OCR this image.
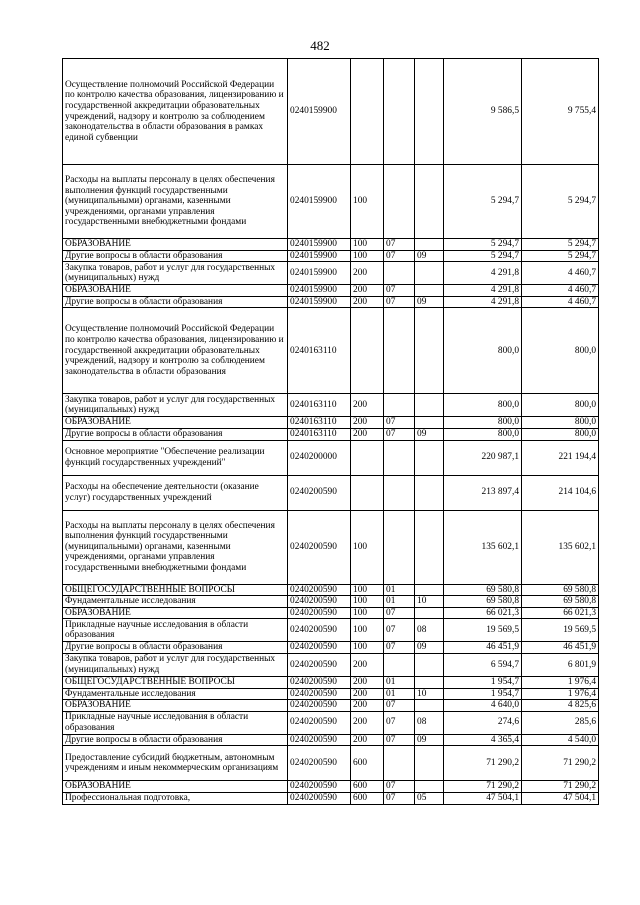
482
Осуществление полномочий Российской Федерации по контролю качества образования, лицензированию и государственной аккредитации образовательных учреждений, надзору и контролю за соблюдением законодательства в области образования в рамках единой субвенции	0240159900				9 586,5	9 755,4
Расходы на выплаты персоналу в целях обеспечения выполнения функций государственными (муниципальными) органами, казенными учреждениями, органами управления государственными внебюджетными фондами	0240159900	100			5 294,7	5 294,7
ОБРАЗОВАНИЕ	0240159900	100	07		5 294,7	5 294,7
Другие вопросы в области образования	0240159900	100	07	09	5 294,7	5 294,7
Закупка товаров, работ и услуг для государственных (муниципальных) нужд	0240159900	200			4 291,8	4 460,7
ОБРАЗОВАНИЕ	0240159900	200	07		4 291,8	4 460,7
Другие вопросы в области образования	0240159900	200	07	09	4 291,8	4 460,7
Осуществление полномочий Российской Федерации по контролю качества образования, лицензированию и государственной аккредитации образовательных учреждений, надзору и контролю за соблюдением законодательства в области образования	0240163110				800,0	800,0
Закупка товаров, работ и услуг для государственных (муниципальных) нужд	0240163110	200			800,0	800,0
ОБРАЗОВАНИЕ	0240163110	200	07		800,0	800,0
Другие вопросы в области образования	0240163110	200	07	09	800,0	800,0
Основное мероприятие "Обеспечение реализации функций государственных учреждений"	0240200000				220 987,1	221 194,4
Расходы на обеспечение деятельности (оказание услуг) государственных учреждений	0240200590				213 897,4	214 104,6
Расходы на выплаты персоналу в целях обеспечения выполнения функций государственными (муниципальными) органами, казенными учреждениями, органами управления государственными внебюджетными фондами	0240200590	100			135 602,1	135 602,1
ОБЩЕГОСУДАРСТВЕННЫЕ ВОПРОСЫ	0240200590	100	01		69 580,8	69 580,8
Фундаментальные исследования	0240200590	100	01	10	69 580,8	69 580,8
ОБРАЗОВАНИЕ	0240200590	100	07		66 021,3	66 021,3
Прикладные научные исследования в области образования	0240200590	100	07	08	19 569,5	19 569,5
Другие вопросы в области образования	0240200590	100	07	09	46 451,9	46 451,9
Закупка товаров, работ и услуг для государственных (муниципальных) нужд	0240200590	200			6 594,7	6 801,9
ОБЩЕГОСУДАРСТВЕННЫЕ ВОПРОСЫ	0240200590	200	01		1 954,7	1 976,4
Фундаментальные исследования	0240200590	200	01	10	1 954,7	1 976,4
ОБРАЗОВАНИЕ	0240200590	200	07		4 640,0	4 825,6
Прикладные научные исследования в области образования	0240200590	200	07	08	274,6	285,6
Другие вопросы в области образования	0240200590	200	07	09	4 365,4	4 540,0
Предоставление субсидий бюджетным, автономным учреждениям и иным некоммерческим организациям	0240200590	600			71 290,2	71 290,2
ОБРАЗОВАНИЕ	0240200590	600	07		71 290,2	71 290,2
Профессиональная подготовка,	0240200590	600	07	05	47 504,1	47 504,1
